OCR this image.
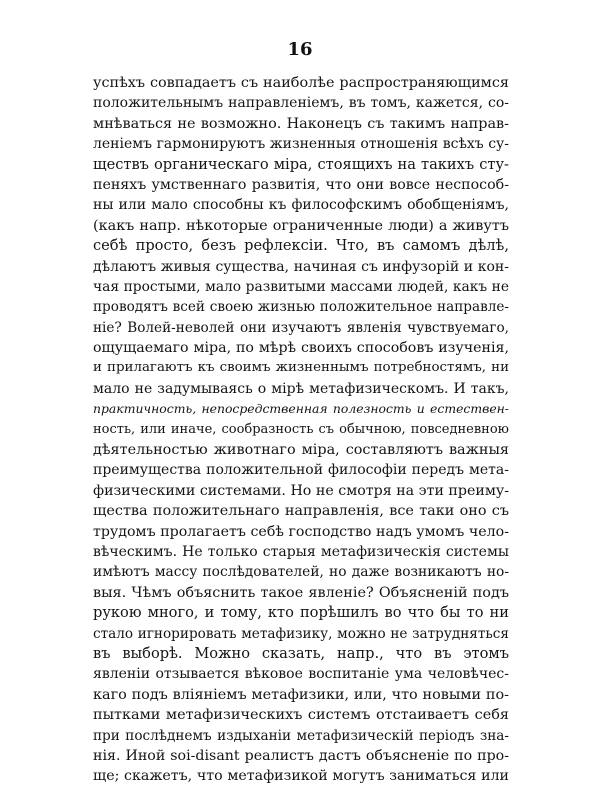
16
успѣхъ совпадаетъ съ наиболѣе распространяющимся
положительнымъ направленіемъ, въ томъ, кажется, со-
мнѣваться не возможно. Наконецъ съ такимъ направ-
леніемъ гармонируютъ жизненныя отношенія всѣхъ су-
ществъ органическаго міра, стоящихъ на такихъ сту-
пеняхъ умственнаго развитія, что они вовсе неспособ-
ны или мало способны къ философскимъ обобщеніямъ,
(какъ напр. нѣкоторые ограниченные люди) а живутъ
себѣ просто, безъ рефлексіи. Что, въ самомъ дѣлѣ,
дѣлаютъ живыя существа, начиная съ инфузорій и кон-
чая простыми, мало развитыми массами людей, какъ не
проводятъ всей своею жизнью положительное направле-
ніе? Волей-неволей они изучаютъ явленія чувствуемаго,
ощущаемаго міра, по мѣрѣ своихъ способовъ изученія,
и прилагаютъ къ своимъ жизненнымъ потребностямъ, ни
мало не задумываясь о мірѣ метафизическомъ. И такъ,
практичность, непосредственная полезность и естествен-
ность, или иначе, сообразность съ обычною, повседневною
дѣятельностью животнаго міра, составляютъ важныя
преимущества положительной философіи передъ мета-
физическими системами. Но не смотря на эти преиму-
щества положительнаго направленія, все таки оно съ
трудомъ пролагаетъ себѣ господство надъ умомъ чело-
вѣческимъ. Не только старыя метафизическія системы
имѣютъ массу послѣдователей, но даже возникаютъ но-
выя. Чѣмъ объяснить такое явленіе? Объясненій подъ
рукою много, и тому, кто порѣшилъ во что бы то ни
стало игнорировать метафизику, можно не затрудняться
въ выборѣ. Можно сказать, напр., что въ этомъ
явленіи отзывается вѣковое воспитаніе ума человѣчес-
каго подъ вліяніемъ метафизики, или, что новыми по-
пытками метафизическихъ системъ отстаиваетъ себя
при послѣднемъ издыханіи метафизическій періодъ зна-
нія. Иной soi-disant реалистъ дастъ объясненіе по про-
ще; скажетъ, что метафизикой могутъ заниматься или
